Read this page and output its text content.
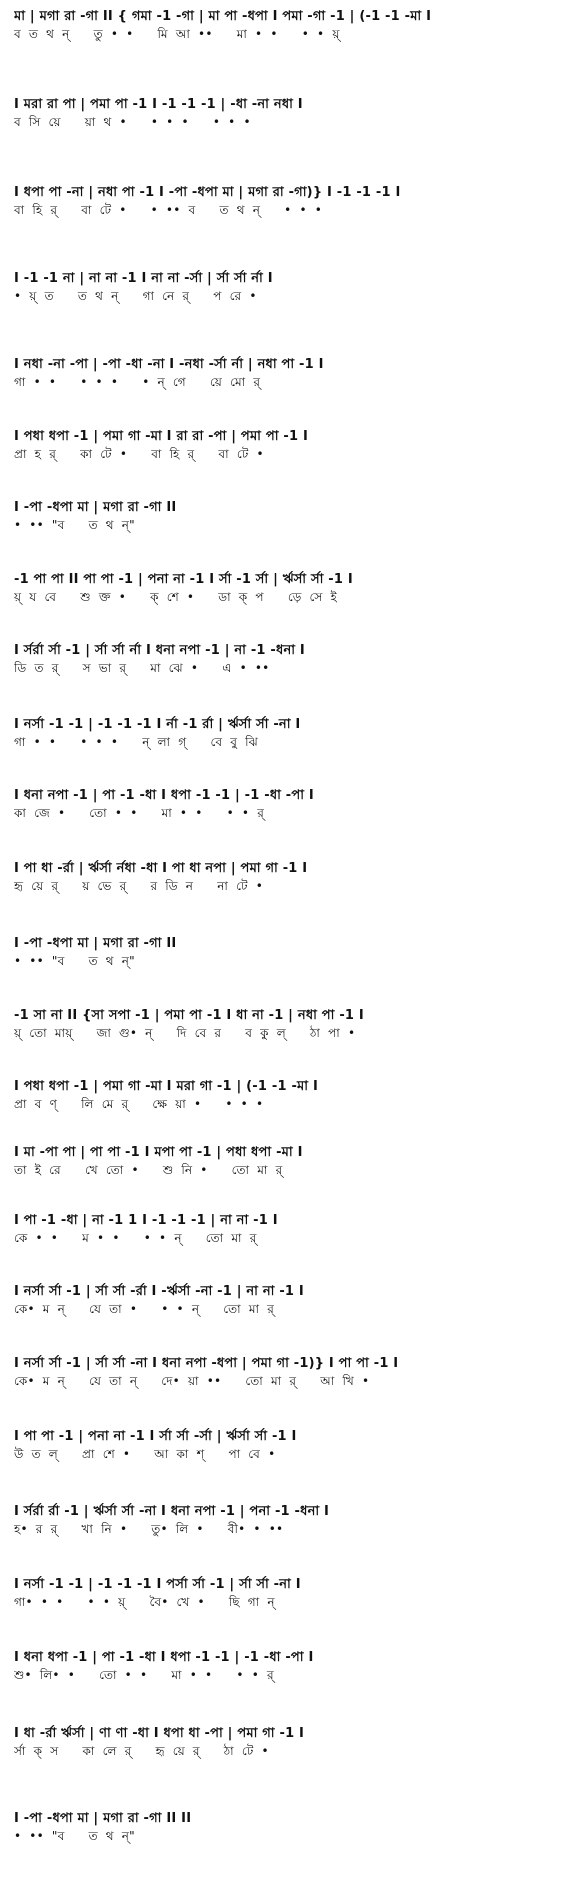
মা | মগা রা -গা II { গমা -1 -গা | মা পা -ধপা I পমা -গা -1 | (-1 -1 -মা I
ব  ত  থ  ন্      তু  •  •      মি  আ  ••      মা  •  •      •  •  য়্
I মরা রা পা | পমা পা -1 I -1 -1 -1 | -ধা -না নধা I
ব  সি  য়ে      য়া  থ  •      •  •  •      •  •  •
I ধপা পা -না | নধা পা -1 I -পা -ধপা মা | মগা রা -গা)} I -1 -1 -1 I
বা  হি  র্      বা  টে  •      •  ••  ব      ত  থ  ন্      •  •  •
I -1 -1 না | না না -1 I না না -র্সা | র্সা র্সা র্না I
•  য়্  ত      ত  থ  ন্      গা  নে  র্      প  রে  •
I নধা -না -পা | -পা -ধা -না I -নধা -র্সা র্না | নধা পা -1 I
গা  •  •      •  •  •      •  ন্  গে      য়ে  মো  র্
I পধা ধপা -1 | পমা গা -মা I রা রা -পা | পমা পা -1 I
প্রা  হ  র্      কা  টে  •      বা  হি  র্      বা  টে  •
I -পা -ধপা মা | মগা রা -গা II
•  ••  "ব      ত  থ  ন্"
-1 পা পা II পা পা -1 | পনা না -1 I র্সা -1 র্সা | র্ঋর্সা র্সা -1 I
য়্  য  বে      শু  ক্ত  •      ক্  শে  •      ডা  ক্  প      ড়ে  সে  ই
I র্সর্রা র্সা -1 | র্সা র্সা র্না I ধনা নপা -1 | না -1 -ধনা I
ডি  ত  র্      স  ভা  র্      মা  ঝে  •      এ  •  ••
I নর্সা -1 -1 | -1 -1 -1 I র্না -1 র্রা | র্ঋর্সা র্সা -না I
গা  •  •      •  •  •      ন্  লা  গ্      বে  বু  ঝি
I ধনা নপা -1 | পা -1 -ধা I ধপা -1 -1 | -1 -ধা -পা I
কা  জে  •      তো  •  •      মা  •  •      •  •  র্
I পা ধা -র্রা | র্ঋর্সা র্নধা -ধা I পা ধা নপা | পমা গা -1 I
হৃ  য়ে  র্      য়  ভে  র্      র  ডি  ন      না  টে  •
I -পা -ধপা মা | মগা রা -গা II
•  ••  "ব      ত  থ  ন্"
-1 সা না II {সা সপা -1 | পমা পা -1 I ধা না -1 | নধা পা -1 I
য়্  তো  মায়্      জা  গু•  ন্      দি  বে  র      ব  কু  ল্      ঠা  পা  •
I পধা ধপা -1 | পমা গা -মা I মরা গা -1 | (-1 -1 -মা I
প্রা  ব  ণ্      লি  মে  র্      ক্ষে  য়া  •      •  •  •
I মা -পা পা | পা পা -1 I মপা পা -1 | পধা ধপা -মা I
তা  ই  রে      খে  তো  •      শু  নি  •      তো  মা  র্
I পা -1 -ধা | না -1 1 I -1 -1 -1 | না না -1 I
কে  •  •      ম  •  •      •  •  ন্      তো  মা  র্
I নর্সা র্সা -1 | র্সা র্সা -র্রা I -র্ঋর্সা -না -1 | না না -1 I
কে•  ম  ন্      যে  তা  •      •  •  ন্      তো  মা  র্
I নর্সা র্সা -1 | র্সা র্সা -না I ধনা নপা -ধপা | পমা গা -1)} I পা পা -1 I
কে•  ম  ন্      যে  তা  ন্      দে•  য়া  ••      তো  মা  র্      আ  খি  •
I পা পা -1 | পনা না -1 I র্সা র্সা -র্সা | র্ঋর্সা র্সা -1 I
উ  ত  ল্      প্রা  শে  •      আ  কা  শ্      পা  বে  •
I র্সর্রা র্রা -1 | র্ঋর্সা র্সা -না I ধনা নপা -1 | পনা -1 -ধনা I
হ•  র  র্      খা  নি  •      তু•  লি  •      বী•  •  ••
I নর্সা -1 -1 | -1 -1 -1 I পর্সা র্সা -1 | র্সা র্সা -না I
গা•  •  •      •  •  য়্      বৈ•  খে  •      ছি  গা  ন্
I ধনা ধপা -1 | পা -1 -ধা I ধপা -1 -1 | -1 -ধা -পা I
শু•  লি•  •      তো  •  •      মা  •  •      •  •  র্
I ধা -র্রা র্ঋর্সা | ণা ণা -ধা I ধপা ধা -পা | পমা গা -1 I
র্সা  ক্  স      কা  লে  র্      হৃ  য়ে  র্      ঠা  টে  •
I -পা -ধপা মা | মগা রা -গা II II
•  ••  "ব      ত  থ  ন্"
